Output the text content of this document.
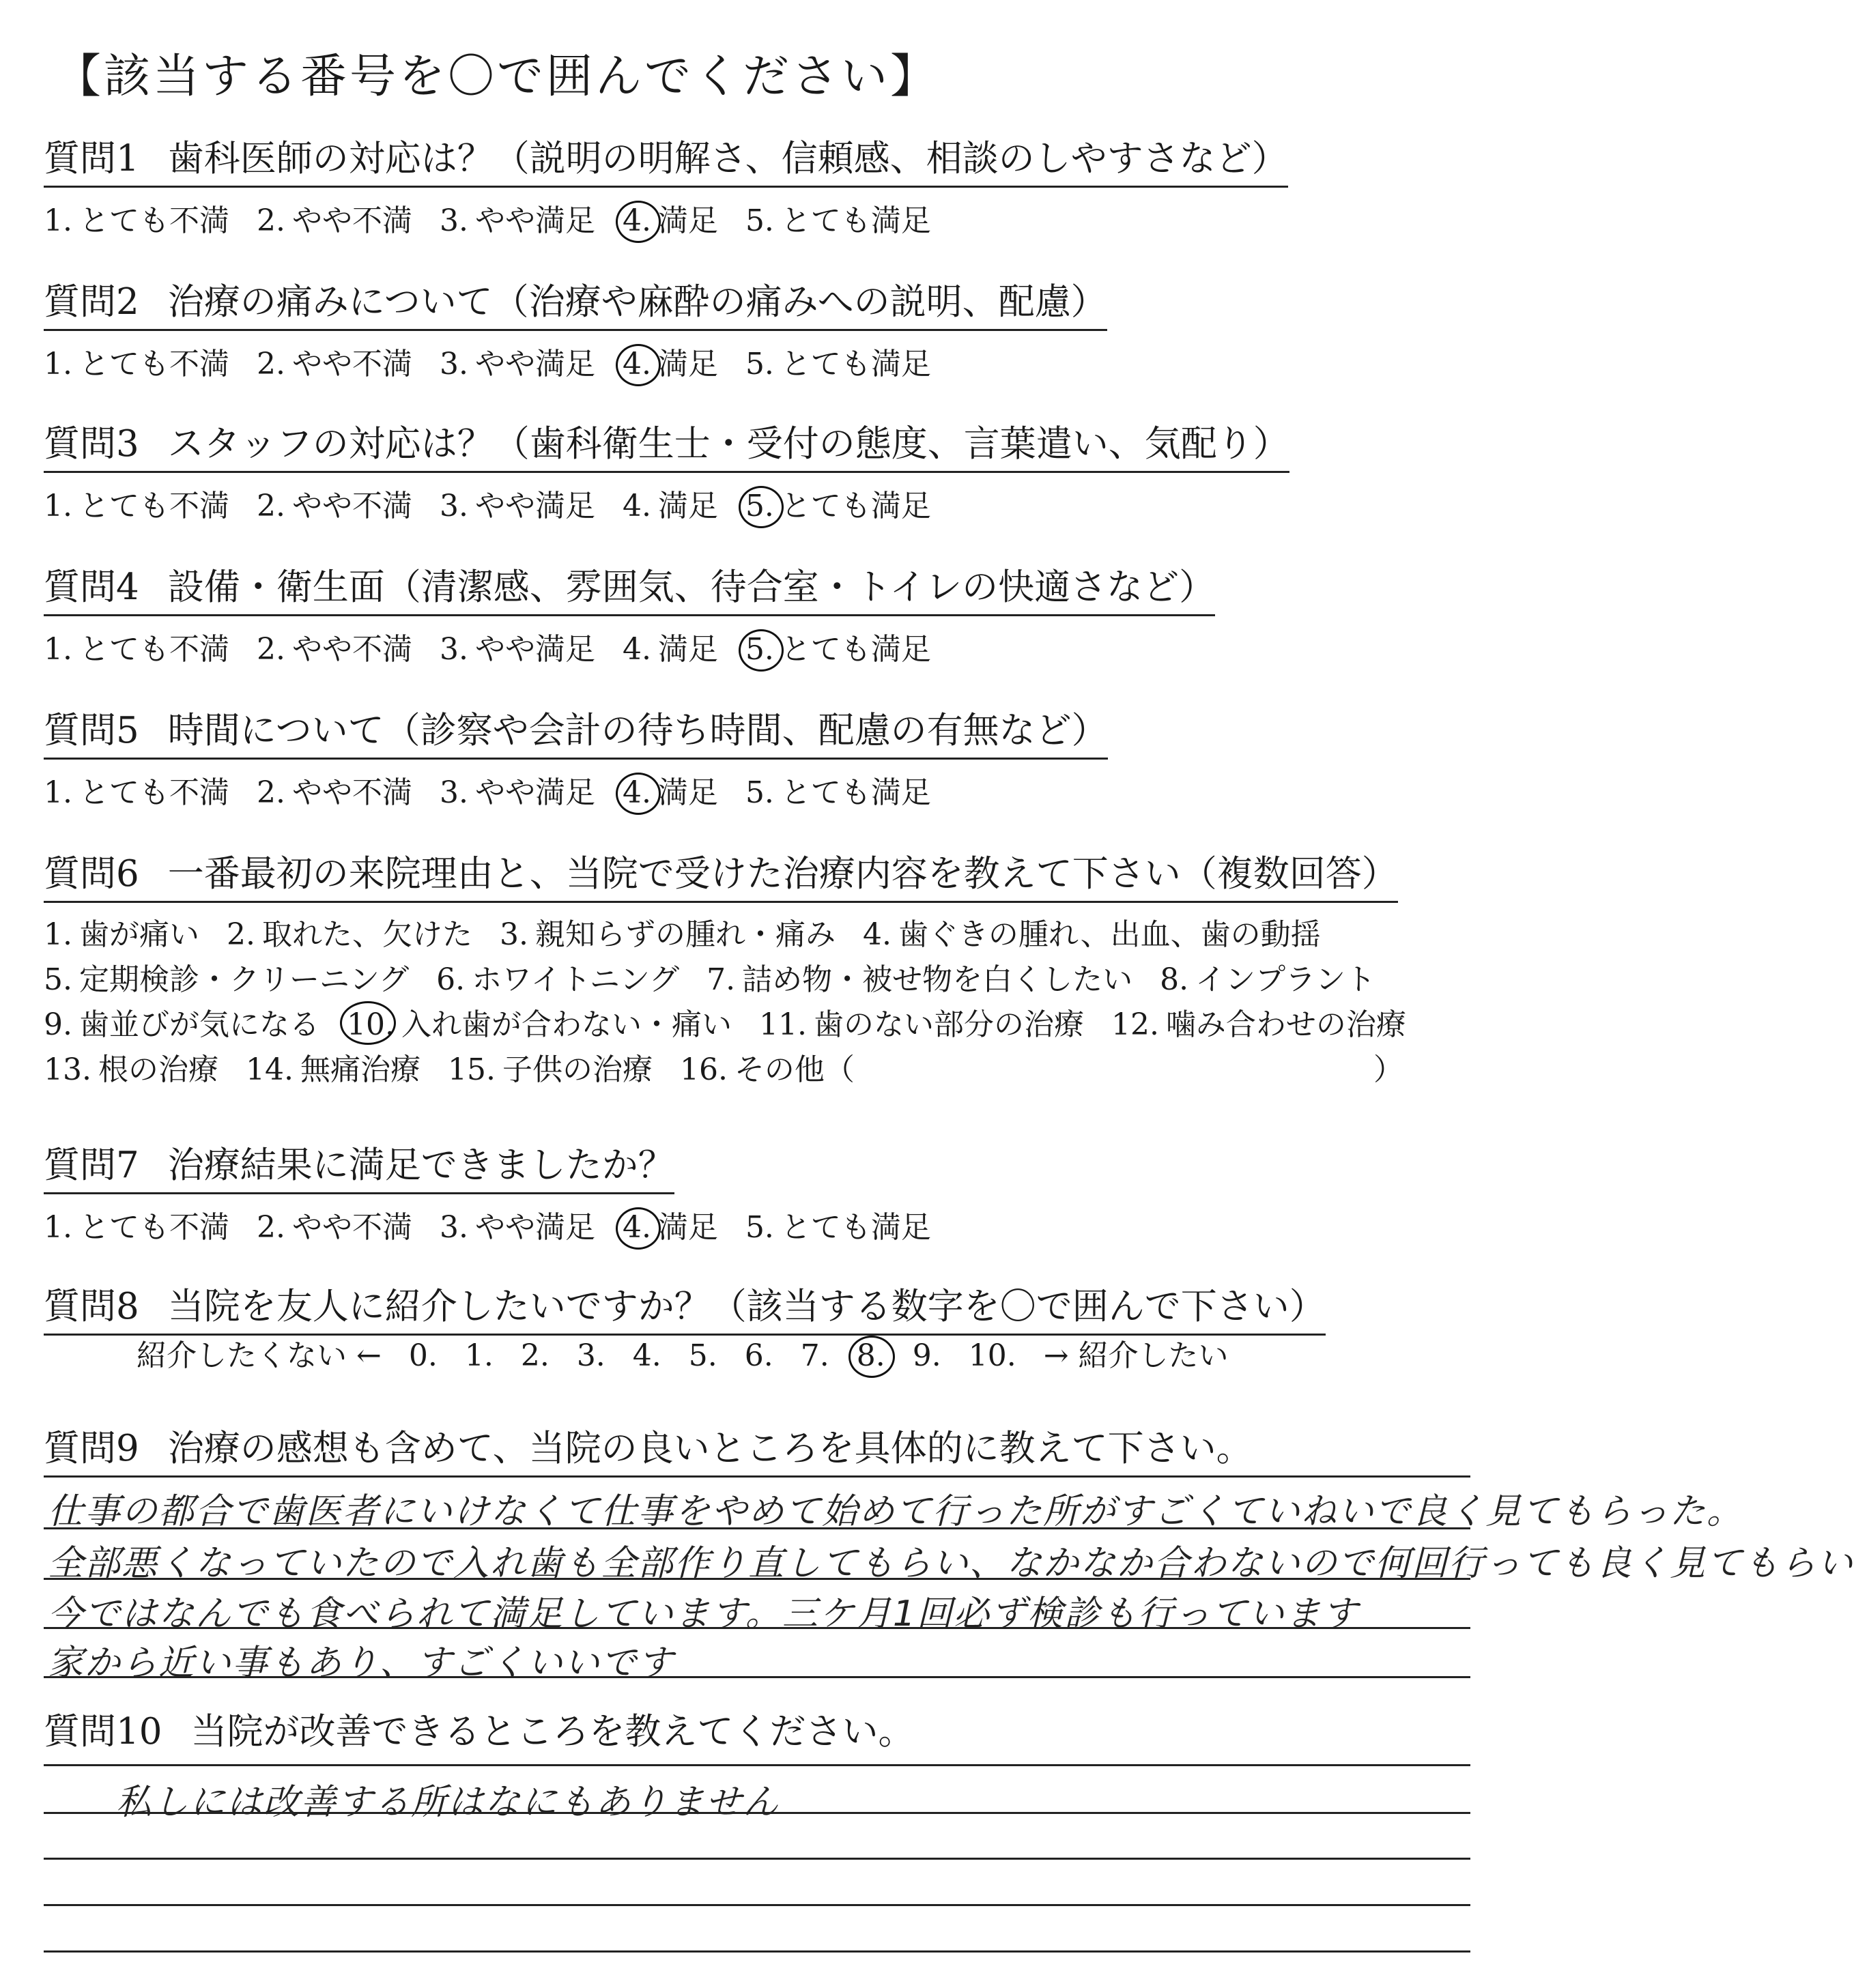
【該当する番号を〇で囲んでください】
質問1 歯科医師の対応は？（説明の明解さ、信頼感、相談のしやすさなど）
1. とても不満 2. やや不満 3. やや満足 4. 満足 5. とても満足
質問2 治療の痛みについて（治療や麻酔の痛みへの説明、配慮）
1. とても不満 2. やや不満 3. やや満足 4. 満足 5. とても満足
質問3 スタッフの対応は？（歯科衛生士・受付の態度、言葉遣い、気配り）
1. とても不満 2. やや不満 3. やや満足 4. 満足 5. とても満足
質問4 設備・衛生面（清潔感、雰囲気、待合室・トイレの快適さなど）
1. とても不満 2. やや不満 3. やや満足 4. 満足 5. とても満足
質問5 時間について（診察や会計の待ち時間、配慮の有無など）
1. とても不満 2. やや不満 3. やや満足 4. 満足 5. とても満足
質問6 一番最初の来院理由と、当院で受けた治療内容を教えて下さい（複数回答）
1. 歯が痛い 2. 取れた、欠けた 3. 親知らずの腫れ・痛み 4. 歯ぐきの腫れ、出血、歯の動揺
5. 定期検診・クリーニング 6. ホワイトニング 7. 詰め物・被せ物を白くしたい 8. インプラント
9. 歯並びが気になる 10. 入れ歯が合わない・痛い 11. 歯のない部分の治療 12. 噛み合わせの治療
13. 根の治療 14. 無痛治療 15. 子供の治療 16. その他（	）
質問7 治療結果に満足できましたか？
1. とても不満 2. やや不満 3. やや満足 4. 満足 5. とても満足
質問8 当院を友人に紹介したいですか？（該当する数字を〇で囲んで下さい）
紹介したくない ← 0. 1. 2. 3. 4. 5. 6. 7. 8. 9. 10. → 紹介したい
質問9 治療の感想も含めて、当院の良いところを具体的に教えて下さい。
仕事の都合で歯医者にいけなくて仕事をやめて始めて行った所がすごくていねいで良く見てもらった。
全部悪くなっていたので入れ歯も全部作り直してもらい、なかなか合わないので何回行っても良く見てもらい
今ではなんでも食べられて満足しています。三ケ月1回必ず検診も行っています
家から近い事もあり、すごくいいです
質問10 当院が改善できるところを教えてください。
私しには改善する所はなにもありません
